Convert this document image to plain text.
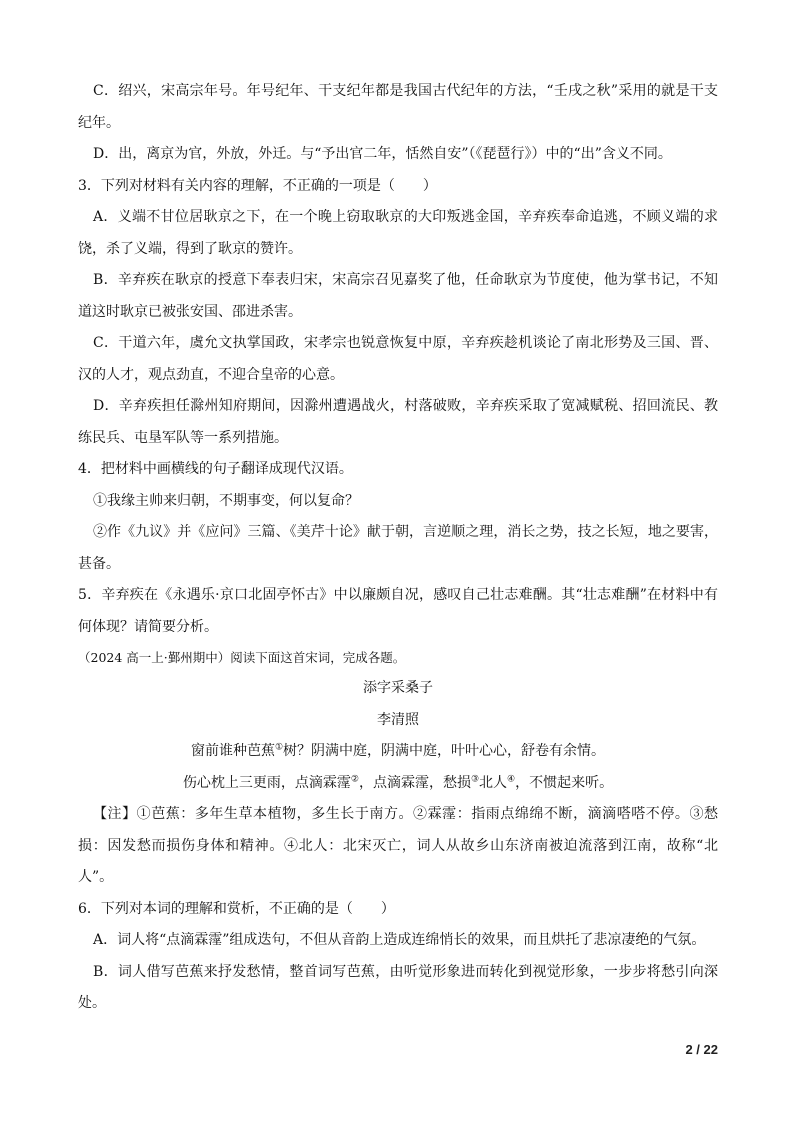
C．绍兴，宋高宗年号。年号纪年、干支纪年都是我国古代纪年的方法，“壬戌之秋”采用的就是干支纪年。

D．出，离京为官，外放，外迁。与“予出官二年，恬然自安”（《琵琶行》）中的“出”含义不同。

3．下列对材料有关内容的理解，不正确的一项是（　　）

A．义端不甘位居耿京之下，在一个晚上窃取耿京的大印叛逃金国，辛弃疾奉命追逃，不顾义端的求饶，杀了义端，得到了耿京的赞许。

B．辛弃疾在耿京的授意下奉表归宋，宋高宗召见嘉奖了他，任命耿京为节度使，他为掌书记，不知道这时耿京已被张安国、邵进杀害。

C．干道六年，虞允文执掌国政，宋孝宗也锐意恢复中原，辛弃疾趁机谈论了南北形势及三国、晋、汉的人才，观点劲直，不迎合皇帝的心意。

D．辛弃疾担任滁州知府期间，因滁州遭遇战火，村落破败，辛弃疾采取了宽减赋税、招回流民、教练民兵、屯垦军队等一系列措施。

4．把材料中画横线的句子翻译成现代汉语。

①我缘主帅来归朝，不期事变，何以复命？

②作《九议》并《应问》三篇、《美芹十论》献于朝，言逆顺之理，消长之势，技之长短，地之要害，甚备。

5．辛弃疾在《永遇乐·京口北固亭怀古》中以廉颇自况，感叹自己壮志难酬。其“壮志难酬”在材料中有何体现？请简要分析。

（2024 高一上·鄞州期中）阅读下面这首宋词，完成各题。

添字采桑子

李清照

窗前谁种芭蕉①树？阴满中庭，阴满中庭，叶叶心心，舒卷有余情。

伤心枕上三更雨，点滴霖霪②，点滴霖霪，愁损③北人④，不惯起来听。

【注】①芭蕉：多年生草本植物，多生长于南方。②霖霪：指雨点绵绵不断，滴滴嗒嗒不停。③愁损：因发愁而损伤身体和精神。④北人：北宋灭亡，词人从故乡山东济南被迫流落到江南，故称“北人”。

6．下列对本词的理解和赏析，不正确的是（　　）

A．词人将“点滴霖霪”组成迭句，不但从音韵上造成连绵悄长的效果，而且烘托了悲凉凄绝的气氛。

B．词人借写芭蕉来抒发愁情，整首词写芭蕉，由听觉形象进而转化到视觉形象，一步步将愁引向深处。

2 / 22
